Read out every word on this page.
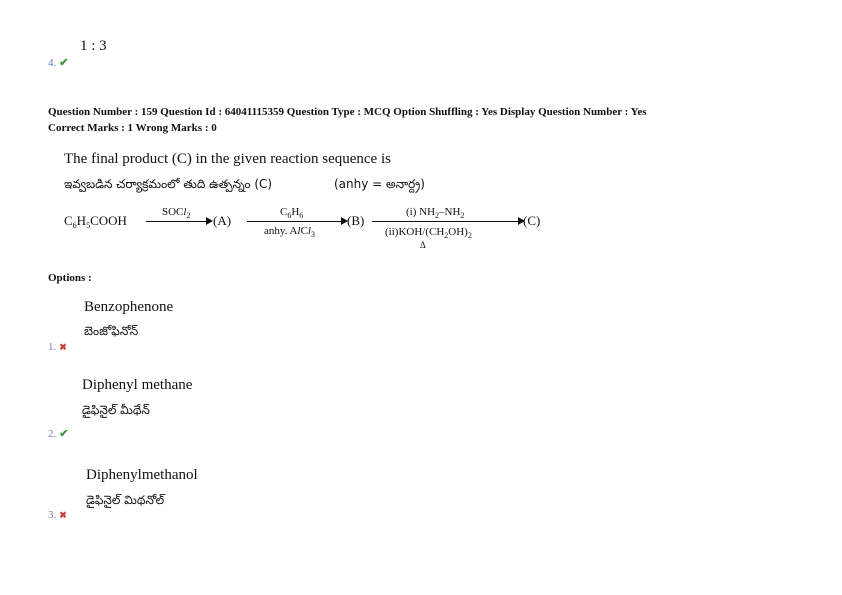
1 : 3
4. ✔
Question Number : 159 Question Id : 64041115359 Question Type : MCQ Option Shuffling : Yes Display Question Number : Yes
Correct Marks : 1 Wrong Marks : 0
The final product (C) in the given reaction sequence is
ఇవ్వబడిన చర్యాక్రమంలో తుది ఉత్పన్నం (C)	(anhy = అనార్ద్ర)
$C_6H_5COOH$
SOCl$_2$ (A)
$C_6H_6$
anhy. AlCl$_3$
(B)
(i) $NH_2-NH_2$
$(ii)KOH/(CH_2OH)_2$
Δ
(C)
Options :
Benzophenone
బెంజోఫినోన్
1. ✖
Diphenyl methane
డైఫినైల్ మీథేన్
2. ✔
Diphenylmethanol
డైఫినైల్ మిథనోల్
3. ✖
